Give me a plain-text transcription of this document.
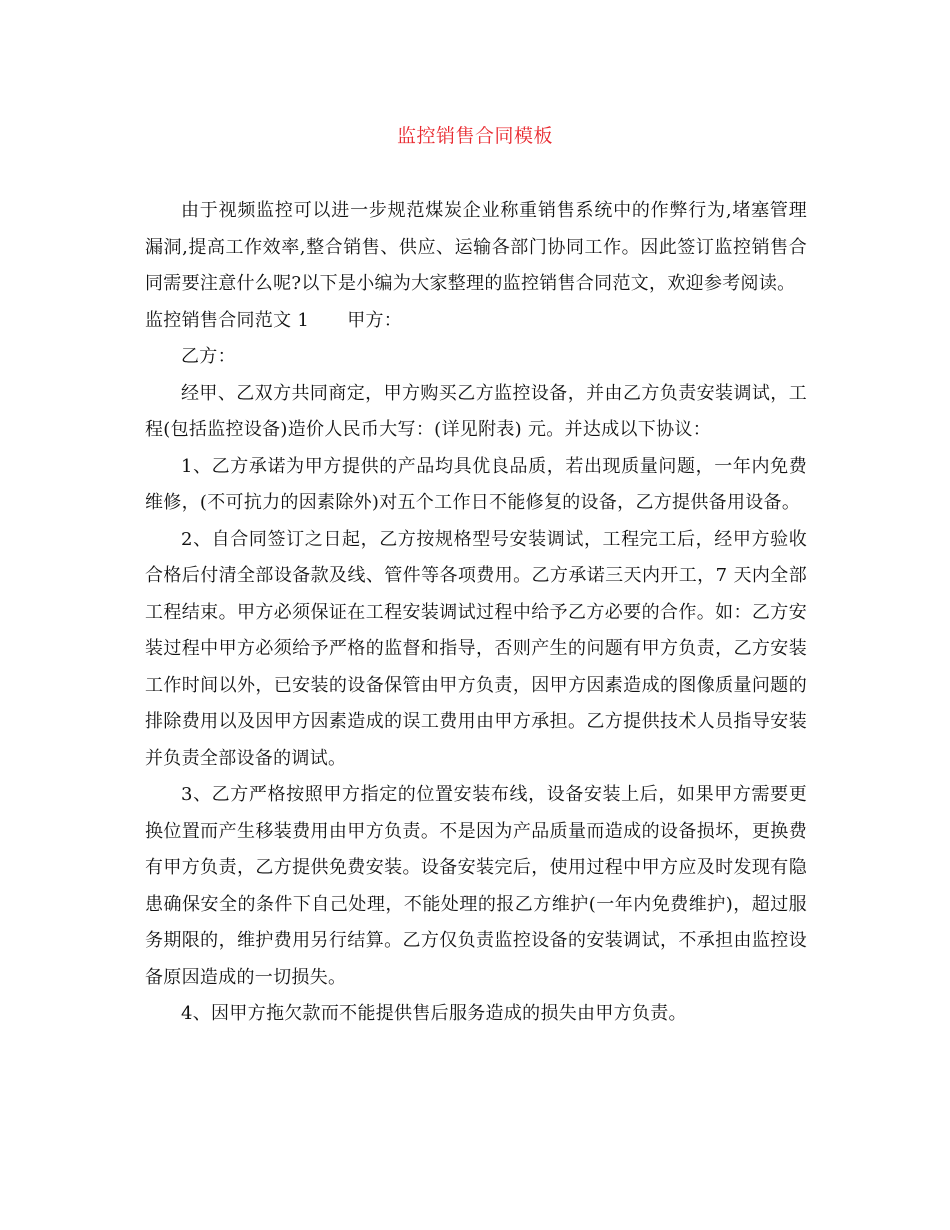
监控销售合同模板

由于视频监控可以进一步规范煤炭企业称重销售系统中的作弊行为,堵塞管理漏洞,提高工作效率,整合销售、供应、运输各部门协同工作。因此签订监控销售合同需要注意什么呢?以下是小编为大家整理的监控销售合同范文，欢迎参考阅读。

监控销售合同范文 1 甲方：

乙方：

经甲、乙双方共同商定，甲方购买乙方监控设备，并由乙方负责安装调试，工程(包括监控设备)造价人民币大写：(详见附表) 元。并达成以下协议：

1、乙方承诺为甲方提供的产品均具优良品质，若出现质量问题，一年内免费维修，(不可抗力的因素除外)对五个工作日不能修复的设备，乙方提供备用设备。

2、自合同签订之日起，乙方按规格型号安装调试，工程完工后，经甲方验收合格后付清全部设备款及线、管件等各项费用。乙方承诺三天内开工，7 天内全部工程结束。甲方必须保证在工程安装调试过程中给予乙方必要的合作。如：乙方安装过程中甲方必须给予严格的监督和指导，否则产生的问题有甲方负责，乙方安装工作时间以外，已安装的设备保管由甲方负责，因甲方因素造成的图像质量问题的排除费用以及因甲方因素造成的误工费用由甲方承担。乙方提供技术人员指导安装并负责全部设备的调试。

3、乙方严格按照甲方指定的位置安装布线，设备安装上后，如果甲方需要更换位置而产生移装费用由甲方负责。不是因为产品质量而造成的设备损坏，更换费有甲方负责，乙方提供免费安装。设备安装完后，使用过程中甲方应及时发现有隐患确保安全的条件下自己处理，不能处理的报乙方维护(一年内免费维护)，超过服务期限的，维护费用另行结算。乙方仅负责监控设备的安装调试，不承担由监控设备原因造成的一切损失。

4、因甲方拖欠款而不能提供售后服务造成的损失由甲方负责。
